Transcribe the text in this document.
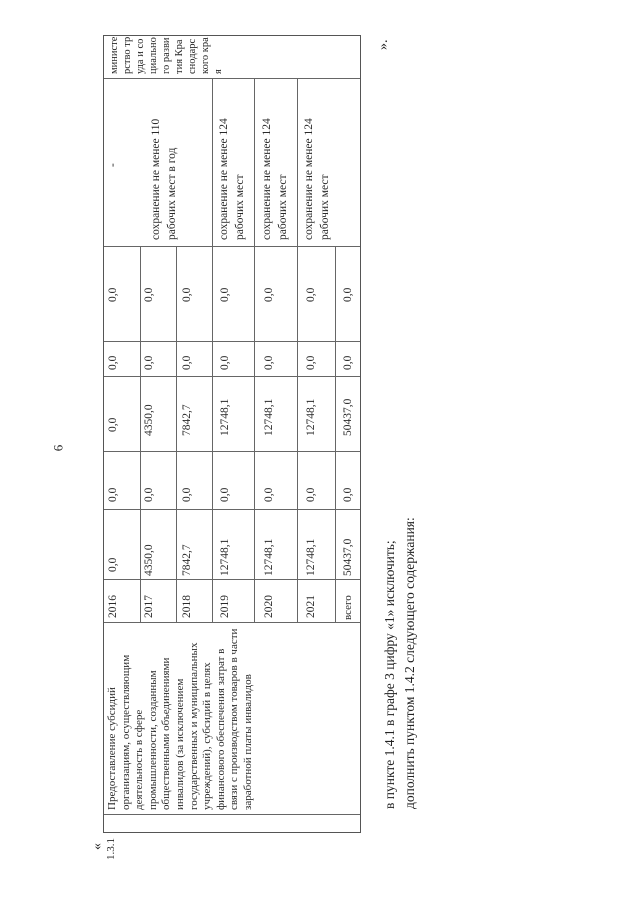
6
« 1.3.1
Предоставление субсидий организациям, осуществляющим деятельность в сфере промышленности, созданным общественными объединениями инвалидов (за исключением государственных и муниципальных учреждений), субсидий в целях финансового обеспечения затрат в связи с производством товаров в части заработной платы инвалидов
2016
0,0
0,0
0,0
0,0
0,0
-
2017
4350,0
0,0
4350,0
0,0
0,0
2018
7842,7
0,0
7842,7
0,0
0,0
сохранение не менее 110 рабочих мест в год
2019
12748,1
0,0
12748,1
0,0
0,0
сохранение не менее 124 рабочих мест
2020
12748,1
0,0
12748,1
0,0
0,0
сохранение не менее 124 рабочих мест
2021
12748,1
0,0
12748,1
0,0
0,0
сохранение не менее 124 рабочих мест
всего
50437,0
0,0
50437,0
0,0
0,0
министерство труда и социального развития Краснодарского края
».
в пункте 1.4.1 в графе 3 цифру «1» исключить; дополнить пунктом 1.4.2 следующего содержания:
